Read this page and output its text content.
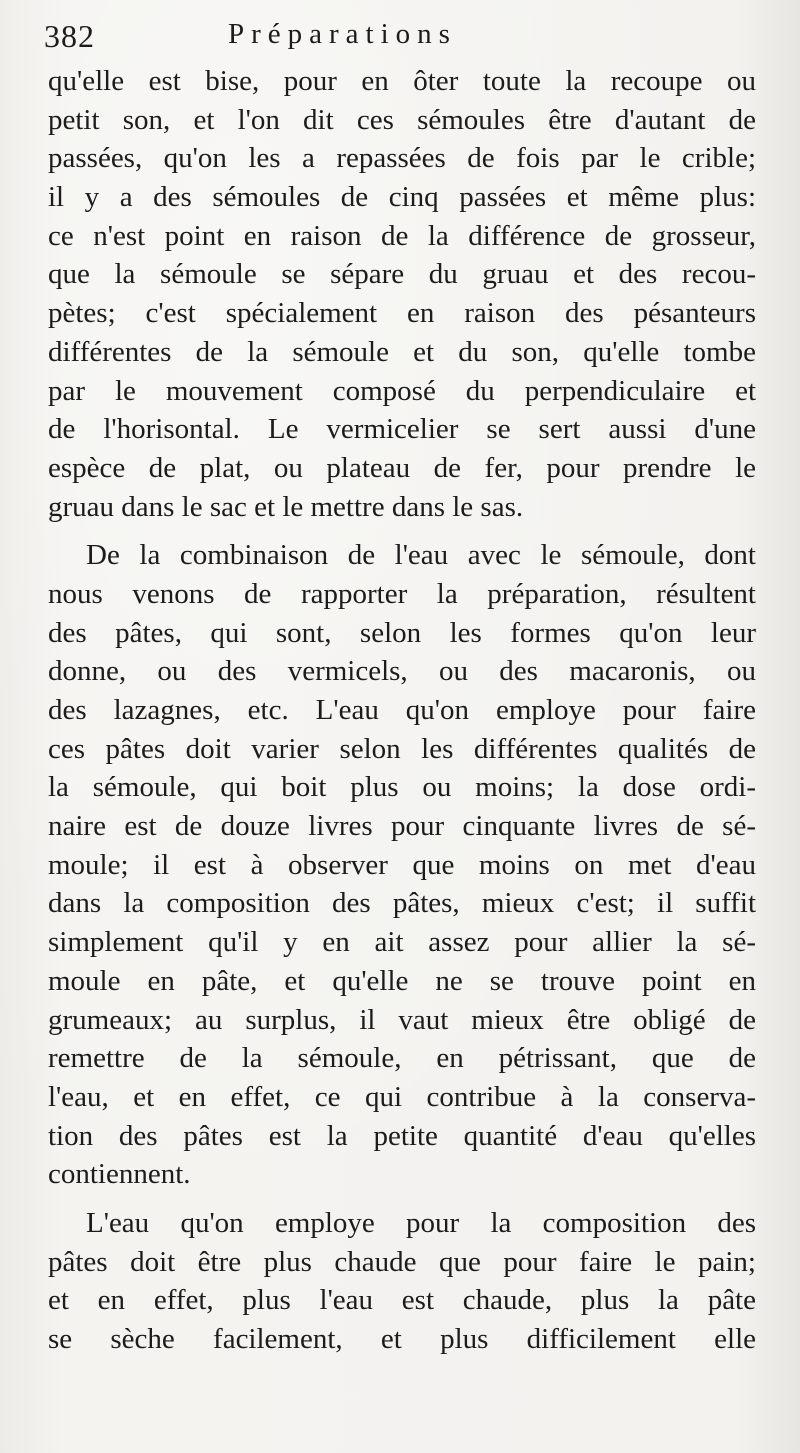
382	Préparations
qu'elle est bise, pour en ôter toute la recoupe ou
petit son, et l'on dit ces sémoules être d'autant de
passées, qu'on les a repassées de fois par le crible;
il y a des sémoules de cinq passées et même plus:
ce n'est point en raison de la différence de grosseur,
que la sémoule se sépare du gruau et des recou-
pètes; c'est spécialement en raison des pésanteurs
différentes de la sémoule et du son, qu'elle tombe
par le mouvement composé du perpendiculaire et
de l'horisontal. Le vermicelier se sert aussi d'une
espèce de plat, ou plateau de fer, pour prendre le
gruau dans le sac et le mettre dans le sas.
De la combinaison de l'eau avec le sémoule, dont
nous venons de rapporter la préparation, résultent
des pâtes, qui sont, selon les formes qu'on leur
donne, ou des vermicels, ou des macaronis, ou
des lazagnes, etc. L'eau qu'on employe pour faire
ces pâtes doit varier selon les différentes qualités de
la sémoule, qui boit plus ou moins; la dose ordi-
naire est de douze livres pour cinquante livres de sé-
moule; il est à observer que moins on met d'eau
dans la composition des pâtes, mieux c'est; il suffit
simplement qu'il y en ait assez pour allier la sé-
moule en pâte, et qu'elle ne se trouve point en
grumeaux; au surplus, il vaut mieux être obligé de
remettre de la sémoule, en pétrissant, que de
l'eau, et en effet, ce qui contribue à la conserva-
tion des pâtes est la petite quantité d'eau qu'elles
contiennent.
L'eau qu'on employe pour la composition des
pâtes doit être plus chaude que pour faire le pain;
et en effet, plus l'eau est chaude, plus la pâte
se sèche facilement, et plus difficilement elle
